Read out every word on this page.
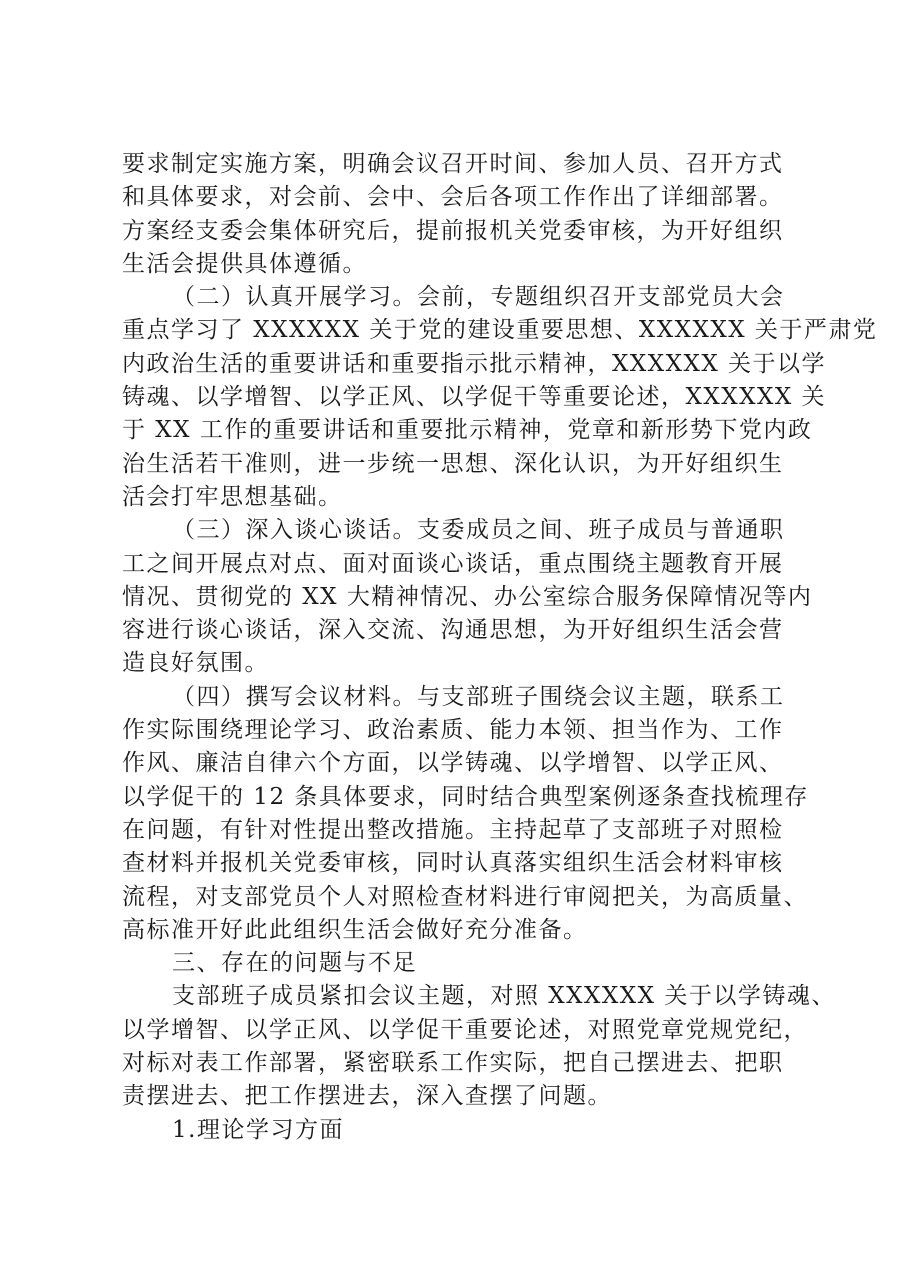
要求制定实施方案，明确会议召开时间、参加人员、召开方式
和具体要求，对会前、会中、会后各项工作作出了详细部署。
方案经支委会集体研究后，提前报机关党委审核，为开好组织
生活会提供具体遵循。
（二）认真开展学习。会前，专题组织召开支部党员大会
重点学习了 XXXXXX 关于党的建设重要思想、XXXXXX 关于严肃党
内政治生活的重要讲话和重要指示批示精神，XXXXXX 关于以学
铸魂、以学增智、以学正风、以学促干等重要论述，XXXXXX 关
于 XX 工作的重要讲话和重要批示精神，党章和新形势下党内政
治生活若干准则，进一步统一思想、深化认识，为开好组织生
活会打牢思想基础。
（三）深入谈心谈话。支委成员之间、班子成员与普通职
工之间开展点对点、面对面谈心谈话，重点围绕主题教育开展
情况、贯彻党的 XX 大精神情况、办公室综合服务保障情况等内
容进行谈心谈话，深入交流、沟通思想，为开好组织生活会营
造良好氛围。
（四）撰写会议材料。与支部班子围绕会议主题，联系工
作实际围绕理论学习、政治素质、能力本领、担当作为、工作
作风、廉洁自律六个方面，以学铸魂、以学增智、以学正风、
以学促干的 12 条具体要求，同时结合典型案例逐条查找梳理存
在问题，有针对性提出整改措施。主持起草了支部班子对照检
查材料并报机关党委审核，同时认真落实组织生活会材料审核
流程，对支部党员个人对照检查材料进行审阅把关，为高质量、
高标准开好此此组织生活会做好充分准备。
三、存在的问题与不足
支部班子成员紧扣会议主题，对照 XXXXXX 关于以学铸魂、
以学增智、以学正风、以学促干重要论述，对照党章党规党纪，
对标对表工作部署，紧密联系工作实际，把自己摆进去、把职
责摆进去、把工作摆进去，深入查摆了问题。
1.理论学习方面
